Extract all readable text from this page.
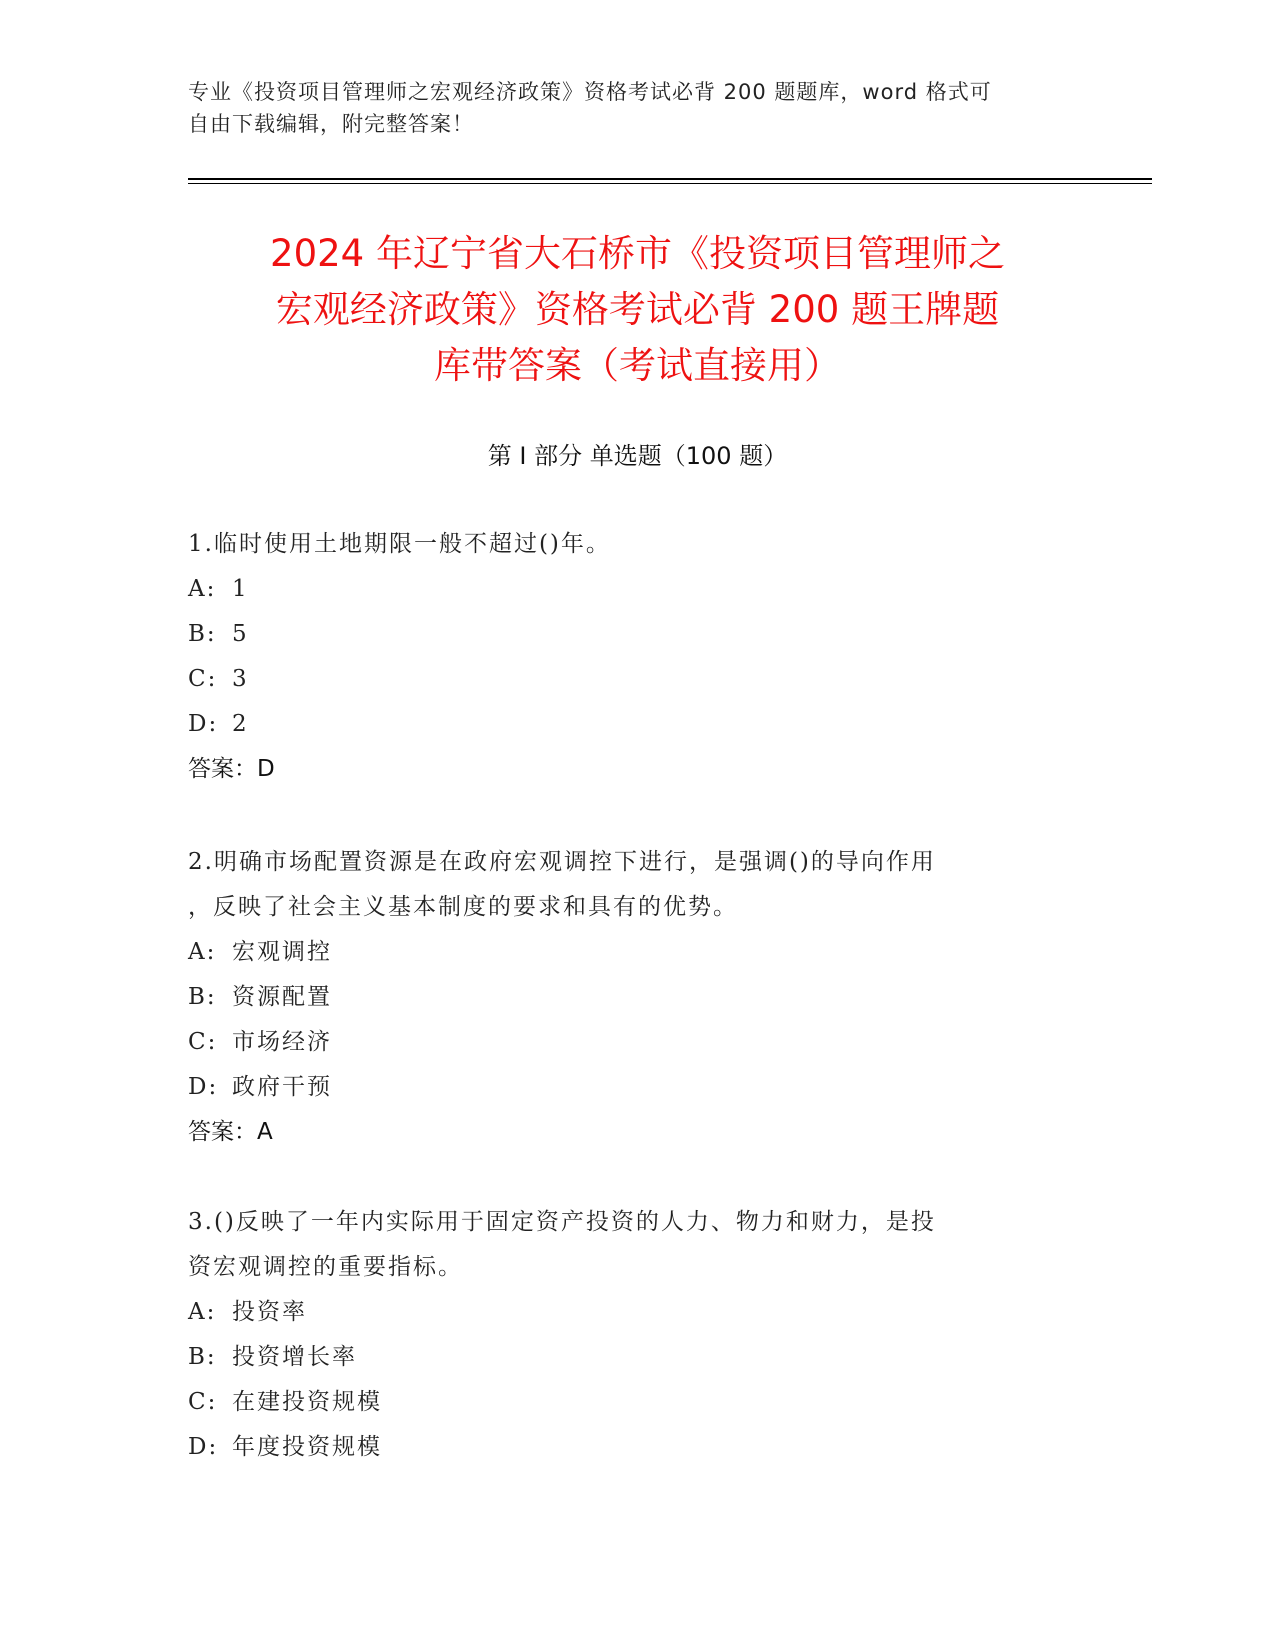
专业《投资项目管理师之宏观经济政策》资格考试必背 200 题题库，word 格式可
自由下载编辑，附完整答案！
2024 年辽宁省大石桥市《投资项目管理师之
宏观经济政策》资格考试必背 200 题王牌题
库带答案（考试直接用）
第 I 部分 单选题（100 题）
1.临时使用土地期限一般不超过()年。
A: 1
B: 5
C: 3
D: 2
答案：D
2.明确市场配置资源是在政府宏观调控下进行，是强调()的导向作用
，反映了社会主义基本制度的要求和具有的优势。
A: 宏观调控
B: 资源配置
C: 市场经济
D: 政府干预
答案：A
3.()反映了一年内实际用于固定资产投资的人力、物力和财力，是投
资宏观调控的重要指标。
A: 投资率
B: 投资增长率
C: 在建投资规模
D: 年度投资规模
